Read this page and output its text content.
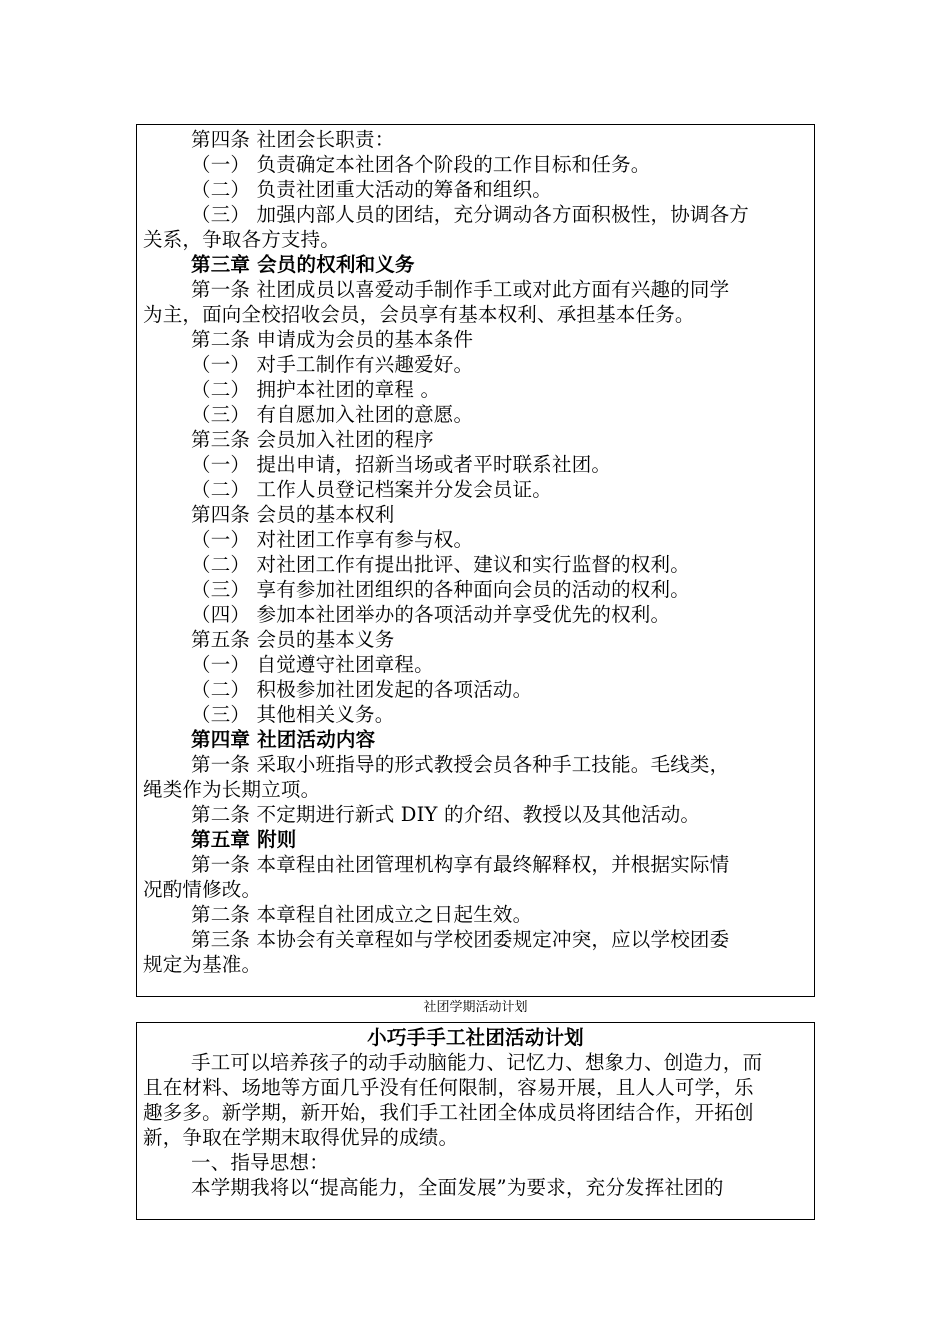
第四条 社团会长职责：
（一） 负责确定本社团各个阶段的工作目标和任务。
（二） 负责社团重大活动的筹备和组织。
（三） 加强内部人员的团结，充分调动各方面积极性，协调各方
关系，争取各方支持。
第三章 会员的权利和义务
第一条 社团成员以喜爱动手制作手工或对此方面有兴趣的同学
为主，面向全校招收会员，会员享有基本权利、承担基本任务。
第二条 申请成为会员的基本条件
（一） 对手工制作有兴趣爱好。
（二） 拥护本社团的章程 。
（三） 有自愿加入社团的意愿。
第三条 会员加入社团的程序
（一） 提出申请，招新当场或者平时联系社团。
（二） 工作人员登记档案并分发会员证。
第四条 会员的基本权利
（一） 对社团工作享有参与权。
（二） 对社团工作有提出批评、建议和实行监督的权利。
（三） 享有参加社团组织的各种面向会员的活动的权利。
（四） 参加本社团举办的各项活动并享受优先的权利。
第五条 会员的基本义务
（一） 自觉遵守社团章程。
（二） 积极参加社团发起的各项活动。
（三） 其他相关义务。
第四章 社团活动内容
第一条 采取小班指导的形式教授会员各种手工技能。毛线类，
绳类作为长期立项。
第二条 不定期进行新式 DIY 的介绍、教授以及其他活动。
第五章 附则
第一条 本章程由社团管理机构享有最终解释权，并根据实际情
况酌情修改。
第二条 本章程自社团成立之日起生效。
第三条 本协会有关章程如与学校团委规定冲突，应以学校团委
规定为基准。
社团学期活动计划
小巧手手工社团活动计划
手工可以培养孩子的动手动脑能力、记忆力、想象力、创造力，而
且在材料、场地等方面几乎没有任何限制，容易开展，且人人可学，乐
趣多多。新学期，新开始，我们手工社团全体成员将团结合作，开拓创
新，争取在学期末取得优异的成绩。
一、指导思想：
本学期我将以“提高能力，全面发展”为要求，充分发挥社团的
